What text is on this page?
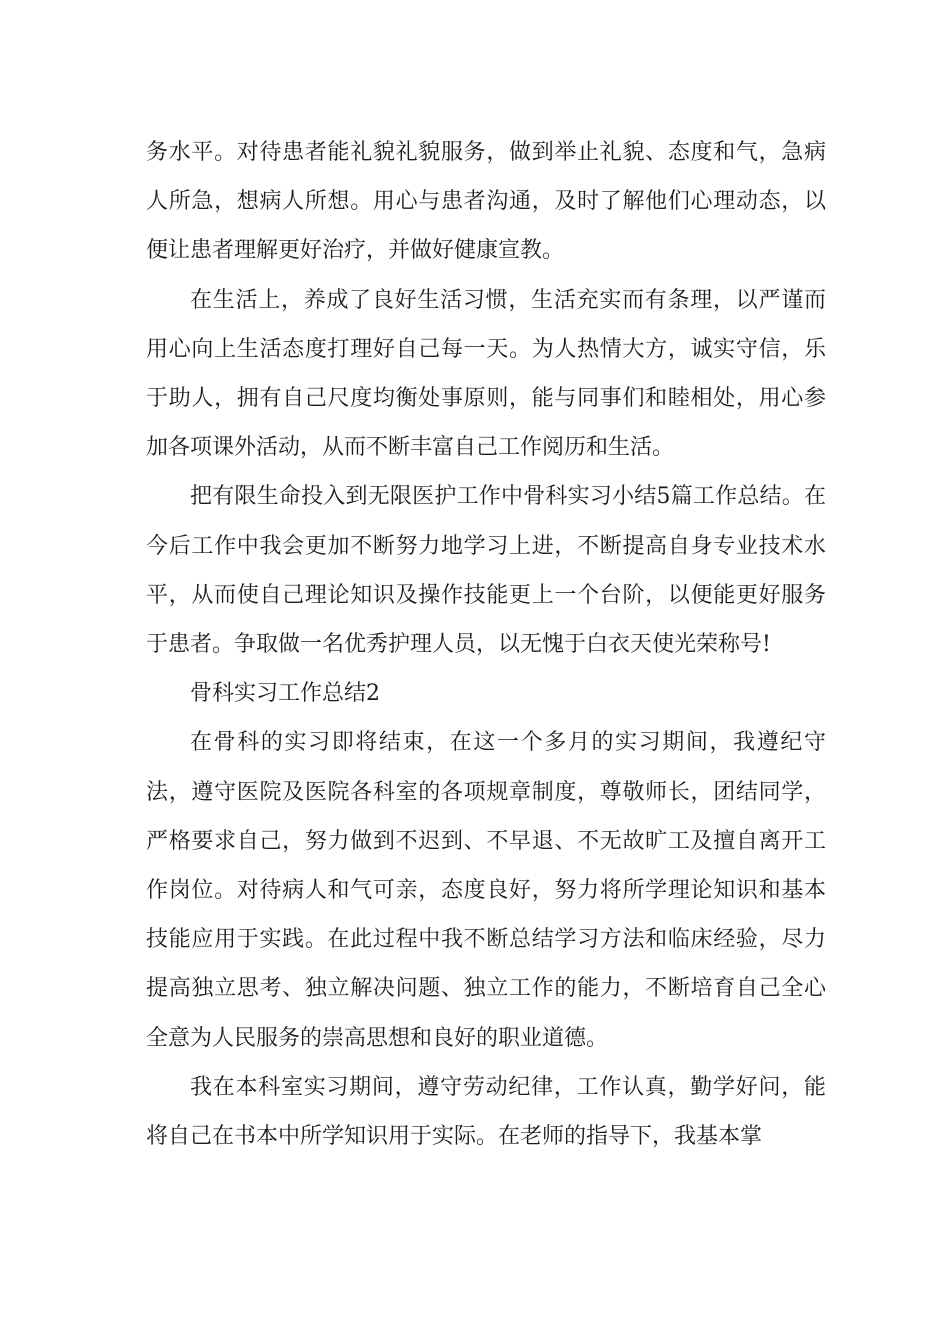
务水平。对待患者能礼貌礼貌服务，做到举止礼貌、态度和气，急病人所急，想病人所想。用心与患者沟通，及时了解他们心理动态，以便让患者理解更好治疗，并做好健康宣教。

在生活上，养成了良好生活习惯，生活充实而有条理，以严谨而用心向上生活态度打理好自己每一天。为人热情大方，诚实守信，乐于助人，拥有自己尺度均衡处事原则，能与同事们和睦相处，用心参加各项课外活动，从而不断丰富自己工作阅历和生活。

把有限生命投入到无限医护工作中骨科实习小结5篇工作总结。在今后工作中我会更加不断努力地学习上进，不断提高自身专业技术水平，从而使自己理论知识及操作技能更上一个台阶，以便能更好服务于患者。争取做一名优秀护理人员，以无愧于白衣天使光荣称号!

骨科实习工作总结2

在骨科的实习即将结束，在这一个多月的实习期间，我遵纪守法，遵守医院及医院各科室的各项规章制度，尊敬师长，团结同学，严格要求自己，努力做到不迟到、不早退、不无故旷工及擅自离开工作岗位。对待病人和气可亲，态度良好，努力将所学理论知识和基本技能应用于实践。在此过程中我不断总结学习方法和临床经验，尽力提高独立思考、独立解决问题、独立工作的能力，不断培育自己全心全意为人民服务的崇高思想和良好的职业道德。

我在本科室实习期间，遵守劳动纪律，工作认真，勤学好问，能将自己在书本中所学知识用于实际。在老师的指导下，我基本掌
